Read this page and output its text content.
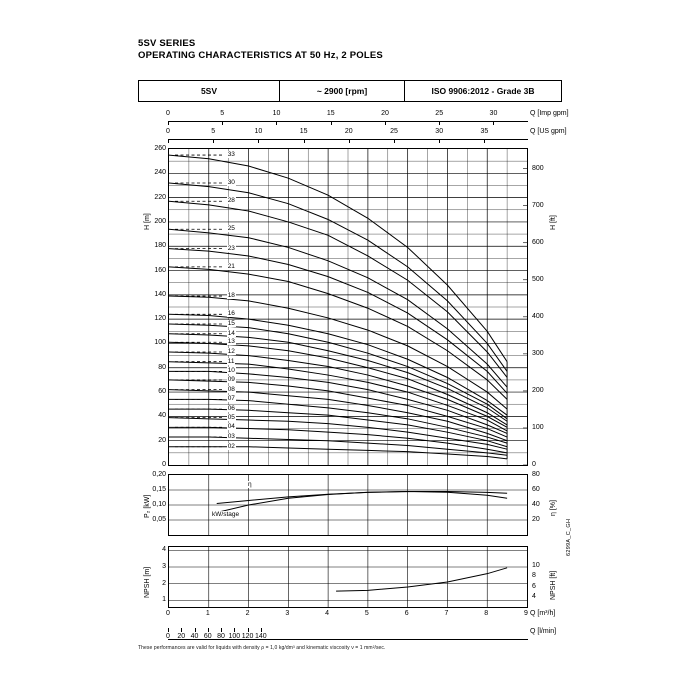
5SV SERIES
OPERATING CHARACTERISTICS AT 50 Hz, 2 POLES
5SV	~ 2900 [rpm]	ISO 9906:2012 - Grade 3B
0	5	10	15	20	25	30	Q [Imp gpm]
0	5	10	15	20	25	30	35	Q [US gpm]
33
30
28
25
23
21
18
16
15
14
13
12
11
10
09
08
07
06
05
04
03
02
0
20
40
60
80
100
120
140
160
180
200
220
240
260
0
100
200
300
400
500
600
700
800
H [m]	H [ft]
η
kW/stage
0,05
0,10
0,15
0,20
20
40
60
80
P₂ [kW]	η [%]
1
2
3
4
4
6
8
10
NPSH [m]	NPSH [ft]
0	1	2	3	4	5	6	7	8	9 Q [m³/h]
0 20 40 60 80 100 120 140
Q [l/min]
These performances are valid for liquids with density ρ = 1,0 kg/dm³ and kinematic viscosity ν = 1 mm²/sec.
6299A_C_GH
